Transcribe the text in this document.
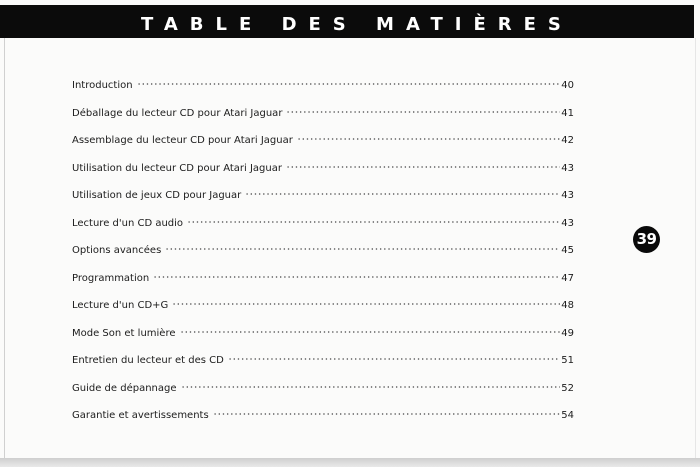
TABLE DES MATIÈRES
Introduction	40
Déballage du lecteur CD pour Atari Jaguar	41
Assemblage du lecteur CD pour Atari Jaguar	42
Utilisation du lecteur CD pour Atari Jaguar	43
Utilisation de jeux CD pour Jaguar	43
Lecture d'un CD audio	43
Options avancées	45
Programmation	47
Lecture d'un CD+G	48
Mode Son et lumière	49
Entretien du lecteur et des CD	51
Guide de dépannage	52
Garantie et avertissements	54
39
